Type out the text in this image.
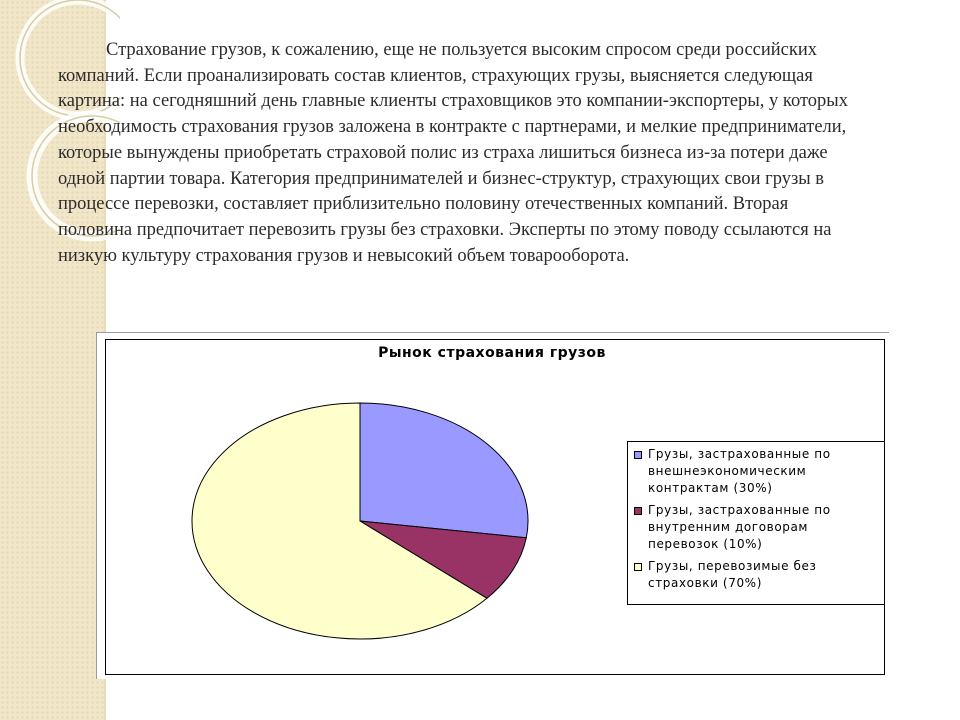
Страхование грузов, к сожалению, еще не пользуется высоким спросом среди российских компаний. Если проанализировать состав клиентов, страхующих грузы, выясняется следующая картина: на сегодняшний день главные клиенты страховщиков это компании-экспортеры, у которых необходимость страхования грузов заложена в контракте с партнерами, и мелкие предприниматели, которые вынуждены приобретать страховой полис из страха лишиться бизнеса из-за потери даже одной партии товара. Категория предпринимателей и бизнес-структур, страхующих свои грузы в процессе перевозки, составляет приблизительно половину отечественных компаний. Вторая половина предпочитает перевозить грузы без страховки. Эксперты по этому поводу ссылаются на низкую культуру страхования грузов и невысокий объем товарооборота.

Рынок страхования грузов
Грузы, застрахованные по внешнеэкономическим контрактам (30%)
Грузы, застрахованные по внутренним договорам перевозок (10%)
Грузы, перевозимые без страховки (70%)
